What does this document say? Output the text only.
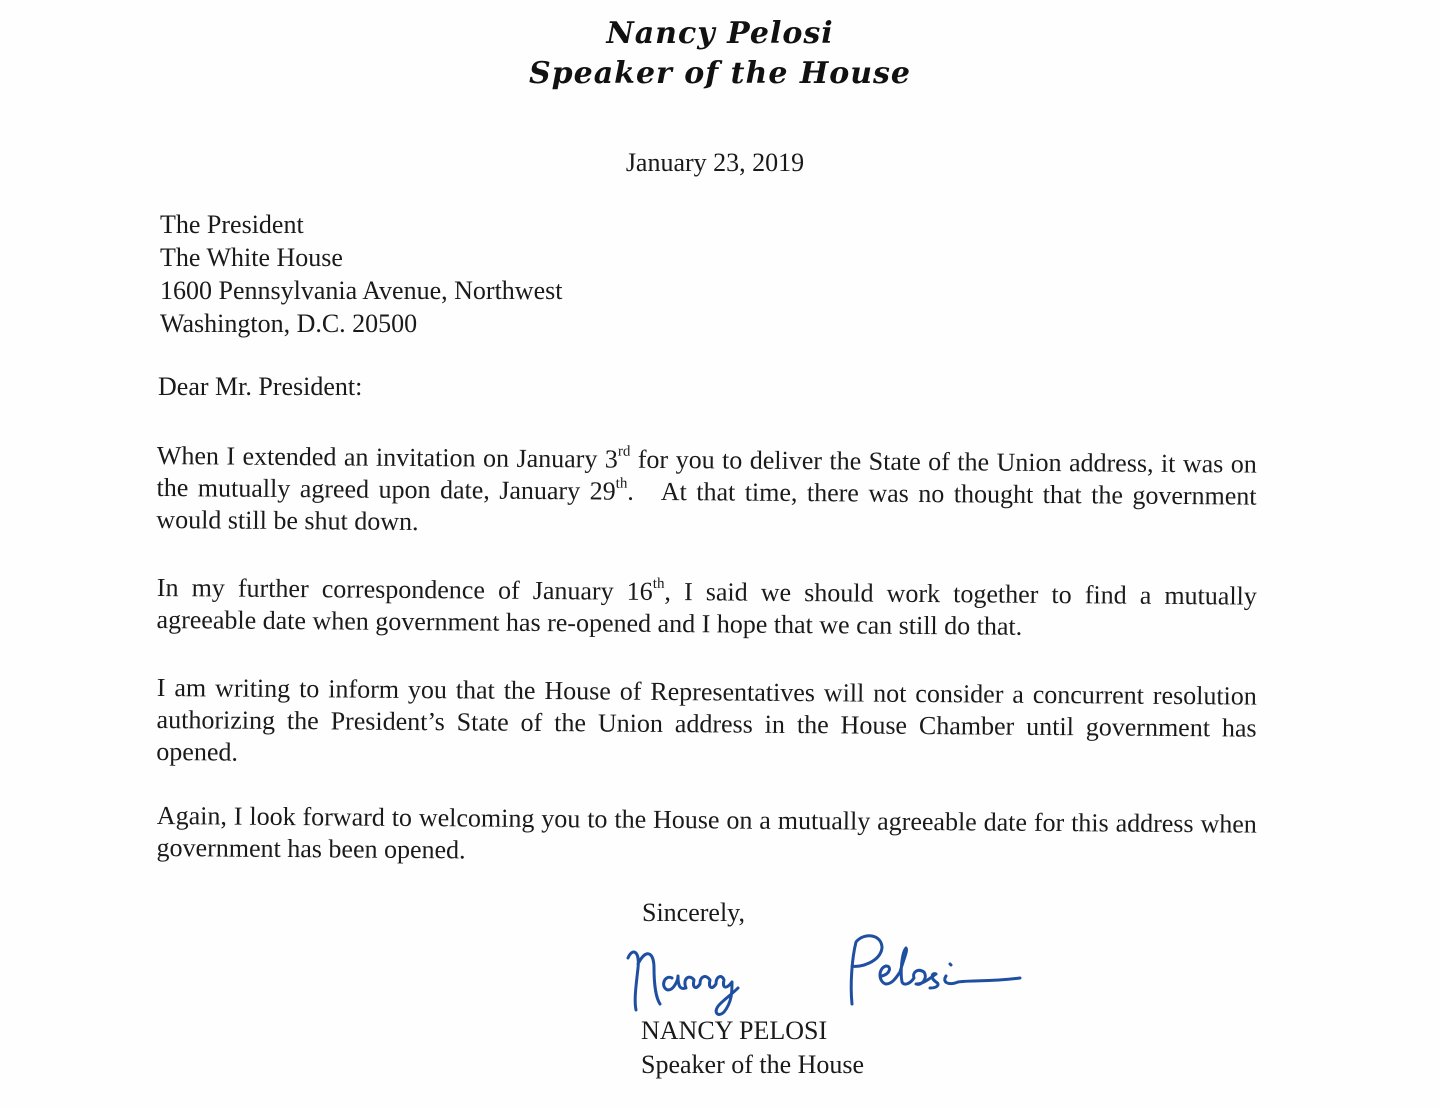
Nancy Pelosi
Speaker of the House
January 23, 2019
The President
The White House
1600 Pennsylvania Avenue, Northwest
Washington, D.C. 20500
Dear Mr. President:
When I extended an invitation on January 3rd for you to deliver the State of the Union address, it was on the mutually agreed upon date, January 29th.   At that time, there was no thought that the government would still be shut down.
In my further correspondence of January 16th, I said we should work together to find a mutually agreeable date when government has re-opened and I hope that we can still do that.
I am writing to inform you that the House of Representatives will not consider a concurrent resolution authorizing the President’s State of the Union address in the House Chamber until government has opened.
Again, I look forward to welcoming you to the House on a mutually agreeable date for this address when government has been opened.
Sincerely,
NANCY PELOSI
Speaker of the House
